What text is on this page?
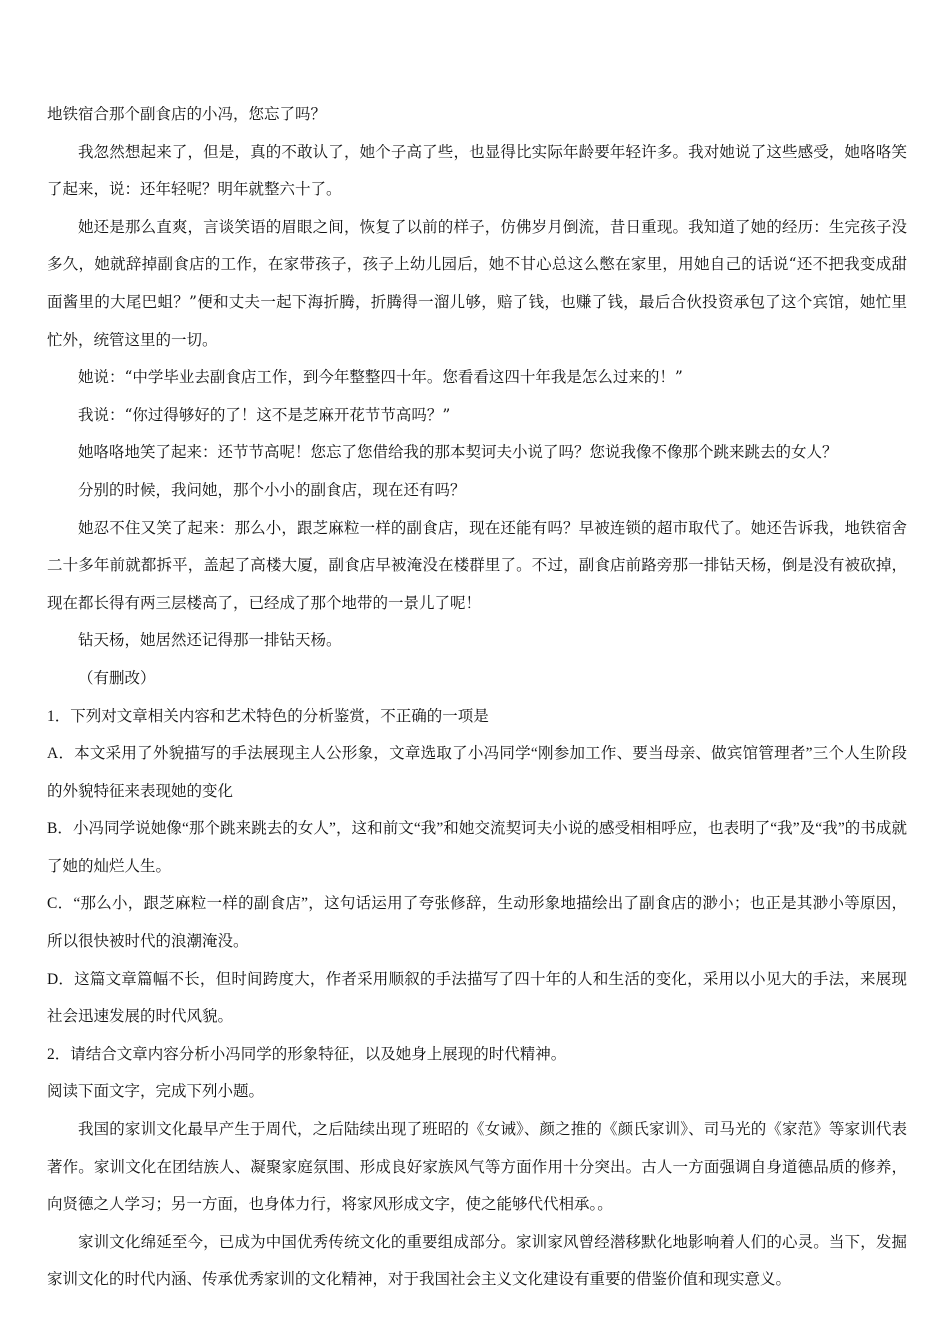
地铁宿合那个副食店的小冯，您忘了吗？

我忽然想起来了，但是，真的不敢认了，她个子高了些，也显得比实际年龄要年轻许多。我对她说了这些感受，她咯咯笑了起来，说：还年轻呢？明年就整六十了。

她还是那么直爽，言谈笑语的眉眼之间，恢复了以前的样子，仿佛岁月倒流，昔日重现。我知道了她的经历：生完孩子没多久，她就辞掉副食店的工作，在家带孩子，孩子上幼儿园后，她不甘心总这么憋在家里，用她自己的话说“还不把我变成甜面酱里的大尾巴蛆？”便和丈夫一起下海折腾，折腾得一溜儿够，赔了钱，也赚了钱，最后合伙投资承包了这个宾馆，她忙里忙外，统管这里的一切。

她说：“中学毕业去副食店工作，到今年整整四十年。您看看这四十年我是怎么过来的！”

我说：“你过得够好的了！这不是芝麻开花节节高吗？”

她咯咯地笑了起来：还节节高呢！您忘了您借给我的那本契诃夫小说了吗？您说我像不像那个跳来跳去的女人？

分别的时候，我问她，那个小小的副食店，现在还有吗？

她忍不住又笑了起来：那么小，跟芝麻粒一样的副食店，现在还能有吗？早被连锁的超市取代了。她还告诉我，地铁宿舍二十多年前就都拆平，盖起了高楼大厦，副食店早被淹没在楼群里了。不过，副食店前路旁那一排钻天杨，倒是没有被砍掉，现在都长得有两三层楼高了，已经成了那个地带的一景儿了呢！

钻天杨，她居然还记得那一排钻天杨。

（有删改）

1．下列对文章相关内容和艺术特色的分析鉴赏，不正确的一项是

A．本文采用了外貌描写的手法展现主人公形象，文章选取了小冯同学“刚参加工作、要当母亲、做宾馆管理者”三个人生阶段的外貌特征来表现她的变化

B．小冯同学说她像“那个跳来跳去的女人”，这和前文“我”和她交流契诃夫小说的感受相相呼应，也表明了“我”及“我”的书成就了她的灿烂人生。

C．“那么小，跟芝麻粒一样的副食店”，这句话运用了夸张修辞，生动形象地描绘出了副食店的渺小；也正是其渺小等原因，所以很快被时代的浪潮淹没。

D．这篇文章篇幅不长，但时间跨度大，作者采用顺叙的手法描写了四十年的人和生活的变化，采用以小见大的手法，来展现社会迅速发展的时代风貌。

2．请结合文章内容分析小冯同学的形象特征，以及她身上展现的时代精神。

阅读下面文字，完成下列小题。

我国的家训文化最早产生于周代，之后陆续出现了班昭的《女诫》、颜之推的《颜氏家训》、司马光的《家范》等家训代表著作。家训文化在团结族人、凝聚家庭氛围、形成良好家族风气等方面作用十分突出。古人一方面强调自身道德品质的修养，向贤德之人学习；另一方面，也身体力行，将家风形成文字，使之能够代代相承。。

家训文化绵延至今，已成为中国优秀传统文化的重要组成部分。家训家风曾经潜移默化地影响着人们的心灵。当下，发掘家训文化的时代内涵、传承优秀家训的文化精神，对于我国社会主义文化建设有重要的借鉴价值和现实意义。
